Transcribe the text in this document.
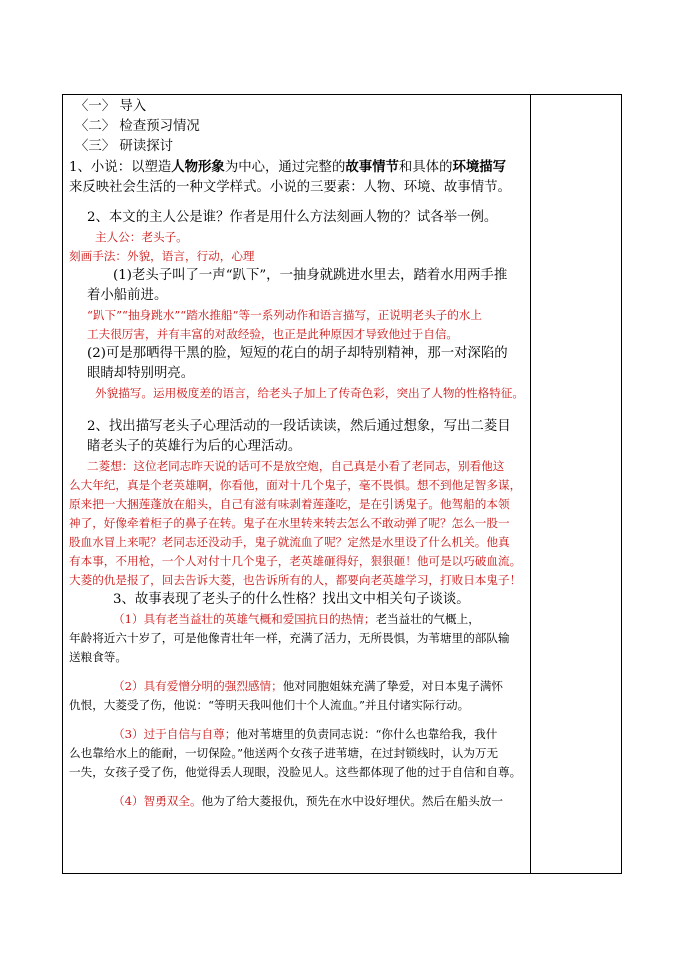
〈一〉 导入
〈二〉 检查预习情况
〈三〉 研读探讨
1、小说：以塑造人物形象为中心，通过完整的故事情节和具体的环境描写
来反映社会生活的一种文学样式。小说的三要素：人物、环境、故事情节。
2、本文的主人公是谁？作者是用什么方法刻画人物的？试各举一例。
主人公：老头子。
刻画手法：外貌，语言，行动，心理
(1)老头子叫了一声“趴下”，一抽身就跳进水里去，踏着水用两手推
着小船前进。
“趴下”“抽身跳水”“踏水推船”等一系列动作和语言描写，正说明老头子的水上
工夫很厉害，并有丰富的对敌经验，也正是此种原因才导致他过于自信。
(2)可是那晒得干黑的脸，短短的花白的胡子却特别精神，那一对深陷的
眼睛却特别明亮。
外貌描写。运用极度差的语言，给老头子加上了传奇色彩，突出了人物的性格特征。
2、找出描写老头子心理活动的一段话读读，然后通过想象，写出二菱目
睹老头子的英雄行为后的心理活动。
二菱想：这位老同志昨天说的话可不是放空炮，自己真是小看了老同志，别看他这
么大年纪，真是个老英雄啊，你看他，面对十几个鬼子，毫不畏惧。想不到他足智多谋，
原来把一大捆莲蓬放在船头，自己有滋有味剥着莲蓬吃，是在引诱鬼子。他驾船的本领
神了，好像牵着柜子的鼻子在转。鬼子在水里转来转去怎么不敢动弹了呢？怎么一股一
股血水冒上来呢？老同志还没动手，鬼子就流血了呢？定然是水里设了什么机关。他真
有本事，不用枪，一个人对付十几个鬼子，老英雄砸得好，狠狠砸！他可是以巧破血流。
大菱的仇是报了，回去告诉大菱，也告诉所有的人，都要向老英雄学习，打败日本鬼子！
3、故事表现了老头子的什么性格？找出文中相关句子谈谈。
（1）具有老当益壮的英雄气概和爱国抗日的热情；老当益壮的气概上，
年龄将近六十岁了，可是他像青壮年一样，充满了活力，无所畏惧，为苇塘里的部队输
送粮食等。
（2）具有爱憎分明的强烈感情；他对同胞姐妹充满了挚爱，对日本鬼子满怀
仇恨，大菱受了伤，他说：“等明天我叫他们十个人流血。”并且付诸实际行动。
（3）过于自信与自尊；他对苇塘里的负责同志说：“你什么也靠给我，我什
么也靠给水上的能耐，一切保险。”他送两个女孩子进苇塘，在过封锁线时，认为万无
一失，女孩子受了伤，他觉得丢人现眼，没脸见人。这些都体现了他的过于自信和自尊。
（4）智勇双全。他为了给大菱报仇，预先在水中设好埋伏。然后在船头放一
